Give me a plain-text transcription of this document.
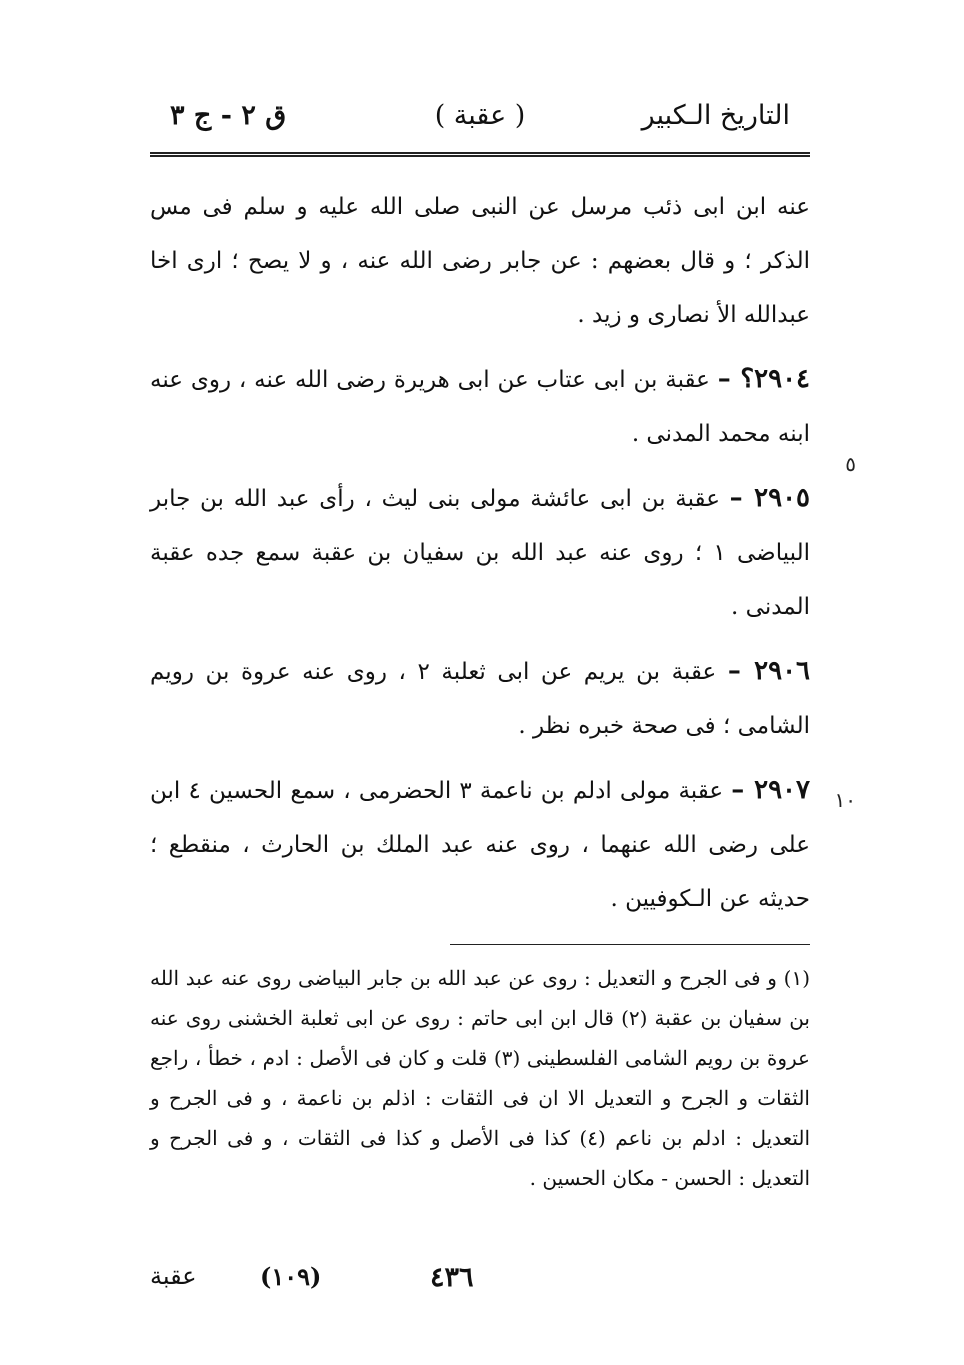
التاريخ الـكبير
( عقبة )
ق ٢ - ج ٣
٥
١٠

عنه ابن ابى ذئب مرسل عن النبى صلى الله عليه و سلم فى مس الذكر ؛ و قال بعضهم : عن جابر رضى الله عنه ، و لا يصح ؛ ارى اخا عبدالله الأ نصارى و زيد .

٢٩٠٤؟ – عقبة بن ابى عتاب عن ابى هريرة رضى الله عنه ، روى عنه ابنه محمد المدنى .

٢٩٠٥ – عقبة بن ابى عائشة مولى بنى ليث ، رأى عبد الله بن جابر البياضى ١ ؛ روى عنه عبد الله بن سفيان بن عقبة سمع جده عقبة المدنى .

٢٩٠٦ – عقبة بن يريم عن ابى ثعلبة ٢ ، روى عنه عروة بن رويم الشامى ؛ فى صحة خبره نظر .

٢٩٠٧ – عقبة مولى ادلم بن ناعمة ٣ الحضرمى ، سمع الحسين ٤ ابن على رضى الله عنهما ، روى عنه عبد الملك بن الحارث ، منقطع ؛ حديثه عن الـكوفيين .

(١) و فى الجرح و التعديل : روى عن عبد الله بن جابر البياضى روى عنه عبد الله بن سفيان بن عقبة (٢) قال ابن ابى حاتم : روى عن ابى ثعلبة الخشنى روى عنه عروة بن رويم الشامى الفلسطينى (٣) قلت و كان فى الأصل : ادم ، خطأ ، راجع الثقات و الجرح و التعديل الا ان فى الثقات : اذلم بن ناعمة ، و فى الجرح و التعديل : ادلم بن ناعم (٤) كذا فى الأصل و كذا فى الثقات ، و فى الجرح و التعديل : الحسن - مكان الحسين .
٤٣٦
(١٠٩)
عقبة
